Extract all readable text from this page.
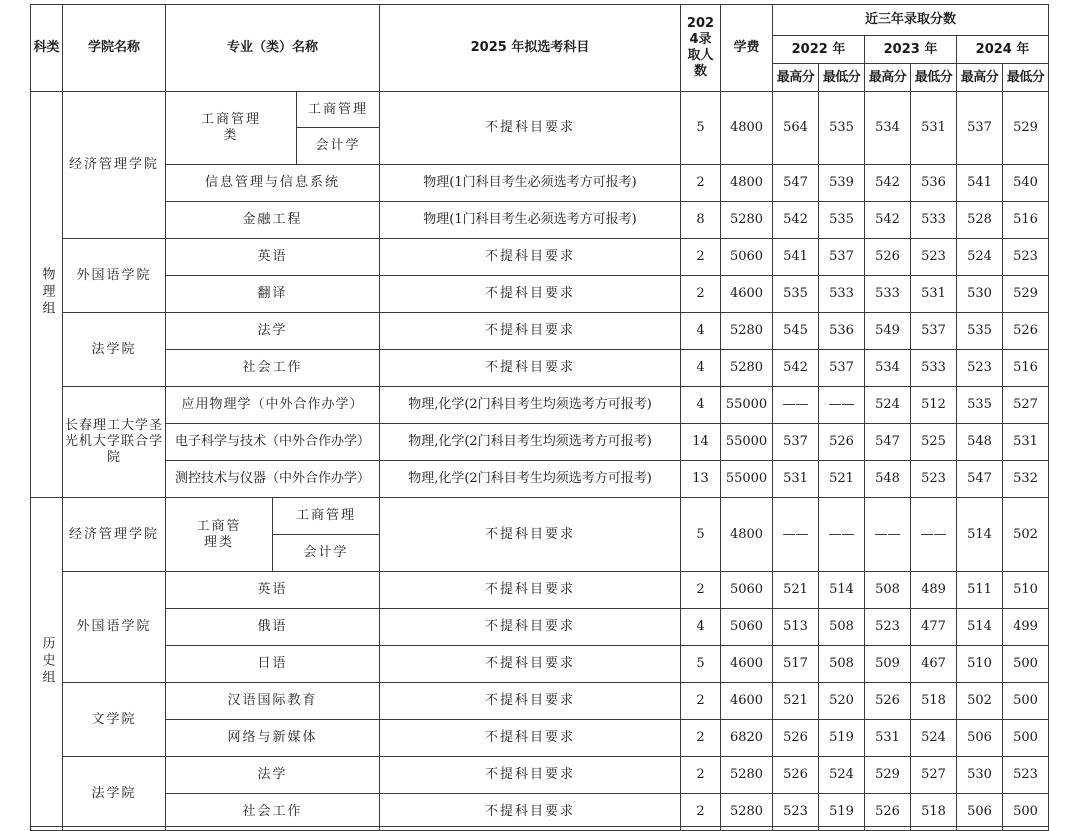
科类	学院名称	专业（类）名称			2025 年拟选考科目	2024录取人数	学费	近三年录取分数					
								2022 年		2023 年		2024 年	
								最高分	最低分	最高分	最低分	最高分	最低分
物理组	经济管理学院	工商管理类		工商管理	不提科目要求	5	4800	564	535	534	531	537	529
				会计学									
		信息管理与信息系统			物理(1门科目考生必须选考方可报考)	2	4800	547	539	542	536	541	540
		金融工程			物理(1门科目考生必须选考方可报考)	8	5280	542	535	542	533	528	516
	外国语学院	英语			不提科目要求	2	5060	541	537	526	523	524	523
		翻译			不提科目要求	2	4600	535	533	533	531	530	529
	法学院	法学			不提科目要求	4	5280	545	536	549	537	535	526
		社会工作			不提科目要求	4	5280	542	537	534	533	523	516
	长春理工大学圣光机大学联合学院	应用物理学（中外合作办学）			物理,化学(2门科目考生均须选考方可报考)	4	55000	——	——	524	512	535	527
		电子科学与技术（中外合作办学）			物理,化学(2门科目考生均须选考方可报考)	14	55000	537	526	547	525	548	531
		测控技术与仪器（中外合作办学）			物理,化学(2门科目考生均须选考方可报考)	13	55000	531	521	548	523	547	532
历史组	经济管理学院	工商管理类	工商管理		不提科目要求	5	4800	——	——	——	——	514	502
			会计学										
	外国语学院	英语			不提科目要求	2	5060	521	514	508	489	511	510
		俄语			不提科目要求	4	5060	513	508	523	477	514	499
		日语			不提科目要求	5	4600	517	508	509	467	510	500
	文学院	汉语国际教育			不提科目要求	2	4600	521	520	526	518	502	500
		网络与新媒体			不提科目要求	2	6820	526	519	531	524	506	500
	法学院	法学			不提科目要求	2	5280	526	524	529	527	530	523
		社会工作			不提科目要求	2	5280	523	519	526	518	506	500
